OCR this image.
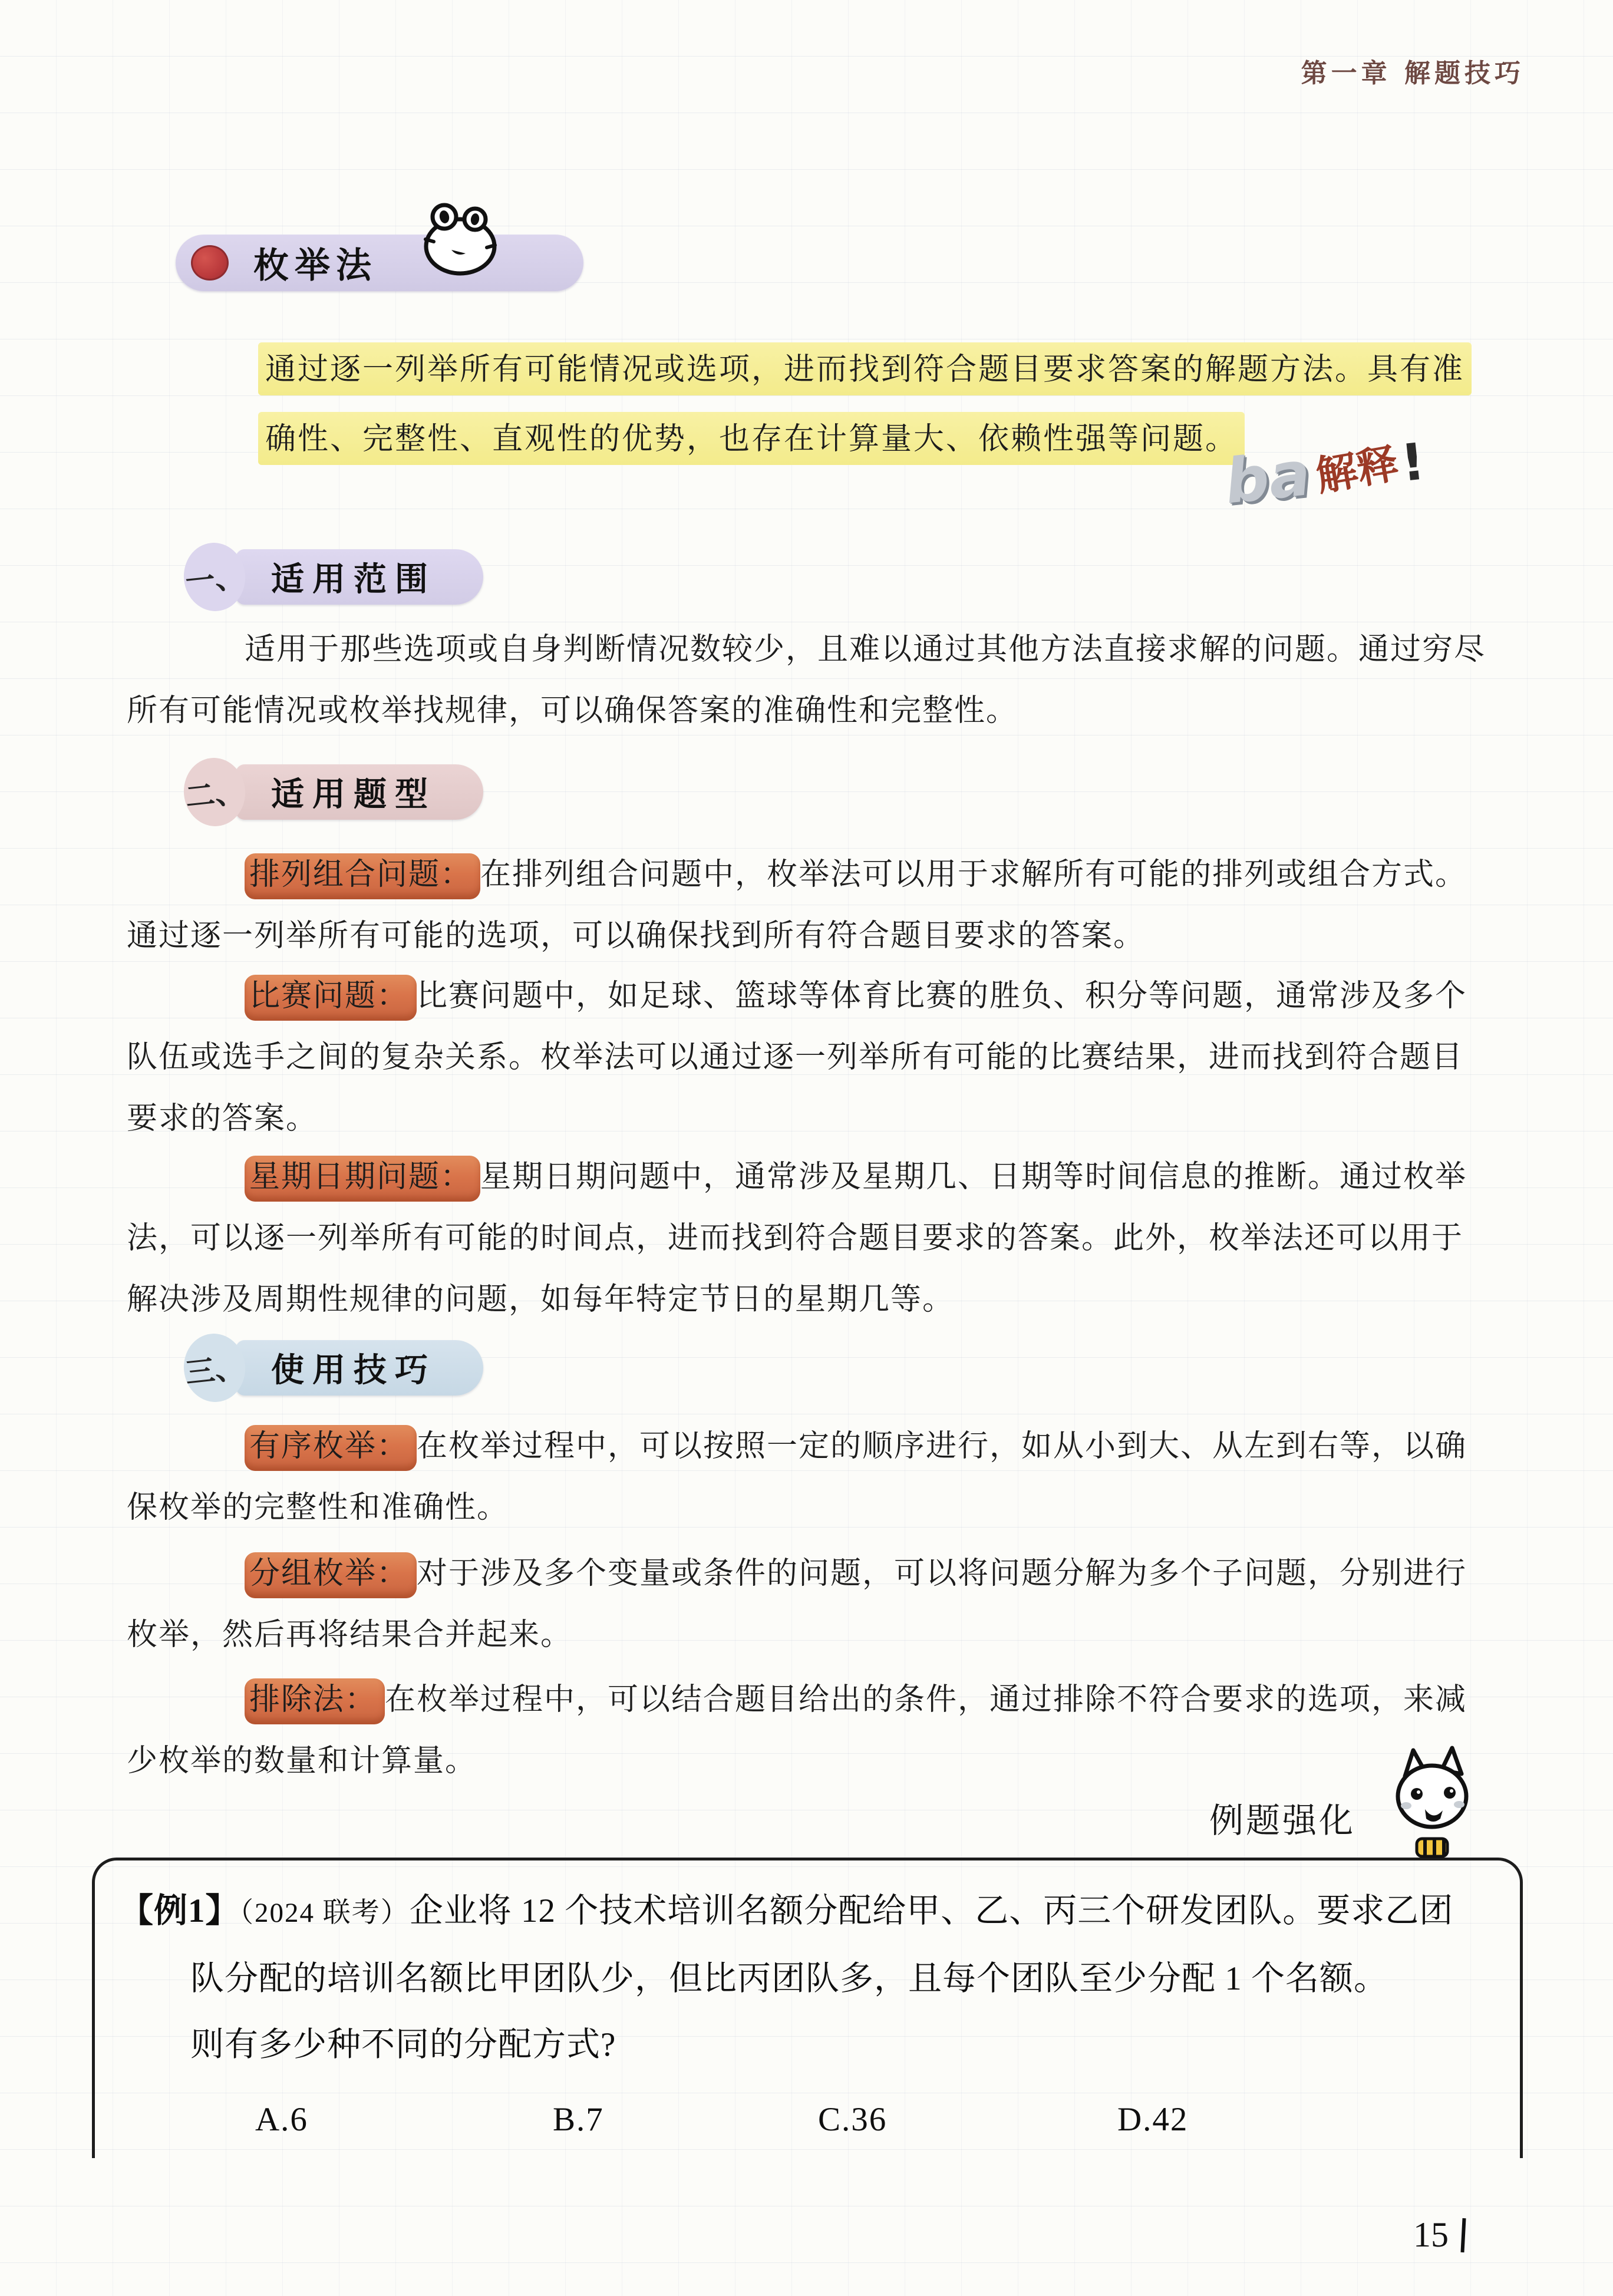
第一章 解题技巧
枚举法
通过逐一列举所有可能情况或选项，进而找到符合题目要求答案的解题方法。具有准确性、完整性、直观性的优势，也存在计算量大、依赖性强等问题。
ba
解释
!
一、 适用范围
适用于那些选项或自身判断情况数较少，且难以通过其他方法直接求解的问题。通过穷尽所有可能情况或枚举找规律，可以确保答案的准确性和完整性。
二、 适用题型
排列组合问题： 在排列组合问题中，枚举法可以用于求解所有可能的排列或组合方式。通过逐一列举所有可能的选项，可以确保找到所有符合题目要求的答案。
比赛问题： 比赛问题中，如足球、篮球等体育比赛的胜负、积分等问题，通常涉及多个队伍或选手之间的复杂关系。枚举法可以通过逐一列举所有可能的比赛结果，进而找到符合题目要求的答案。
星期日期问题： 星期日期问题中，通常涉及星期几、日期等时间信息的推断。通过枚举法，可以逐一列举所有可能的时间点，进而找到符合题目要求的答案。此外，枚举法还可以用于解决涉及周期性规律的问题，如每年特定节日的星期几等。
三、 使用技巧
有序枚举： 在枚举过程中，可以按照一定的顺序进行，如从小到大、从左到右等，以确保枚举的完整性和准确性。
分组枚举： 对于涉及多个变量或条件的问题，可以将问题分解为多个子问题，分别进行枚举，然后再将结果合并起来。
排除法： 在枚举过程中，可以结合题目给出的条件，通过排除不符合要求的选项，来减少枚举的数量和计算量。
例题强化

【例1】（2024 联考）企业将 12 个技术培训名额分配给甲、乙、丙三个研发团队。要求乙团队分配的培训名额比甲团队少，但比丙团队多，且每个团队至少分配 1 个名额。

则有多少种不同的分配方式?

A.6	B.7	C.36	D.42

15
